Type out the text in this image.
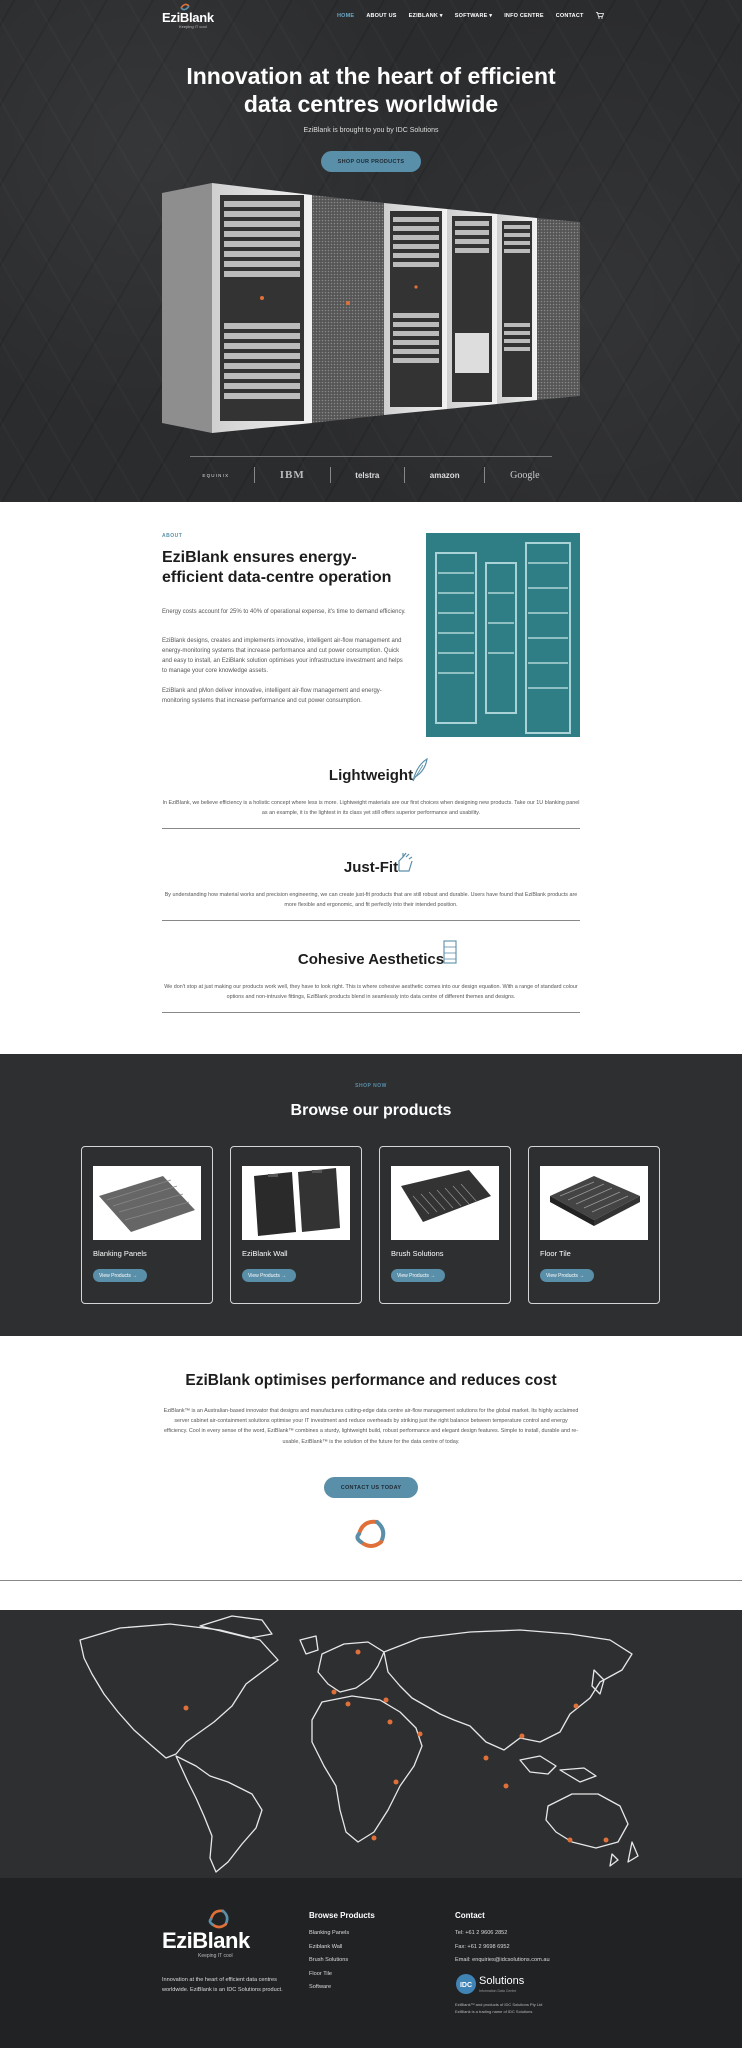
EziBlank
Keeping IT cool
HOME ABOUT US EZIBLANK ▾ SOFTWARE ▾ INFO CENTRE CONTACT
Innovation at the heart of efficient
data centres worldwide

EziBlank is brought to you by IDC Solutions

SHOP OUR PRODUCTS
EQUINIX	IBM	telstra	amazon	Google
ABOUT
EziBlank ensures energy-efficient data-centre operation

Energy costs account for 25% to 40% of operational expense, it's time to demand efficiency.

EziBlank designs, creates and implements innovative, intelligent air-flow management and energy-monitoring systems that increase performance and cut power consumption. Quick and easy to install, an EziBlank solution optimises your infrastructure investment and helps to manage your core knowledge assets.

EziBlank and pMon deliver innovative, intelligent air-flow management and energy-monitoring systems that increase performance and cut power consumption.

Lightweight

In EziBlank, we believe efficiency is a holistic concept where less is more. Lightweight materials are our first choices when designing new products. Take our 1U blanking panel as an example, it is the lightest in its class yet still offers superior performance and usability.

Just-Fit

By understanding how material works and precision engineering, we can create just-fit products that are still robust and durable. Users have found that EziBlank products are more flexible and ergonomic, and fit perfectly into their intended position.

Cohesive Aesthetics

We don't stop at just making our products work well, they have to look right. This is where cohesive aesthetic comes into our design equation. With a range of standard colour options and non-intrusive fittings, EziBlank products blend in seamlessly into data centre of different themes and designs.

SHOP NOW
Browse our products
Blanking Panels
View Products →
EziBlank Wall
View Products →
Brush Solutions
View Products →
Floor Tile
View Products →
EziBlank optimises performance and reduces cost

EziBlank™ is an Australian-based innovator that designs and manufactures cutting-edge data centre air-flow management solutions for the global market. Its highly acclaimed server cabinet air-containment solutions optimise your IT investment and reduce overheads by striking just the right balance between temperature control and energy efficiency. Cool in every sense of the word, EziBlank™ combines a sturdy, lightweight build, robust performance and elegant design features. Simple to install, durable and re-usable, EziBlank™ is the solution of the future for the data centre of today.

CONTACT US TODAY
EziBlank
Keeping IT cool

Innovation at the heart of efficient data centres worldwide. EziBlank is an IDC Solutions product.

Browse Products
Blanking Panels
Eziblank Wall
Brush Solutions
Floor Tile
Software
Contact
Tel: +61 2 9606 2852
Fax: +61 2 9698 6952
Email: enquiries@idcsolutions.com.au
IDC Solutions
Information Data Centre
EziBlank™ and products of IDC Solutions Pty Ltd
EziBlank is a trading name of IDC Solutions
